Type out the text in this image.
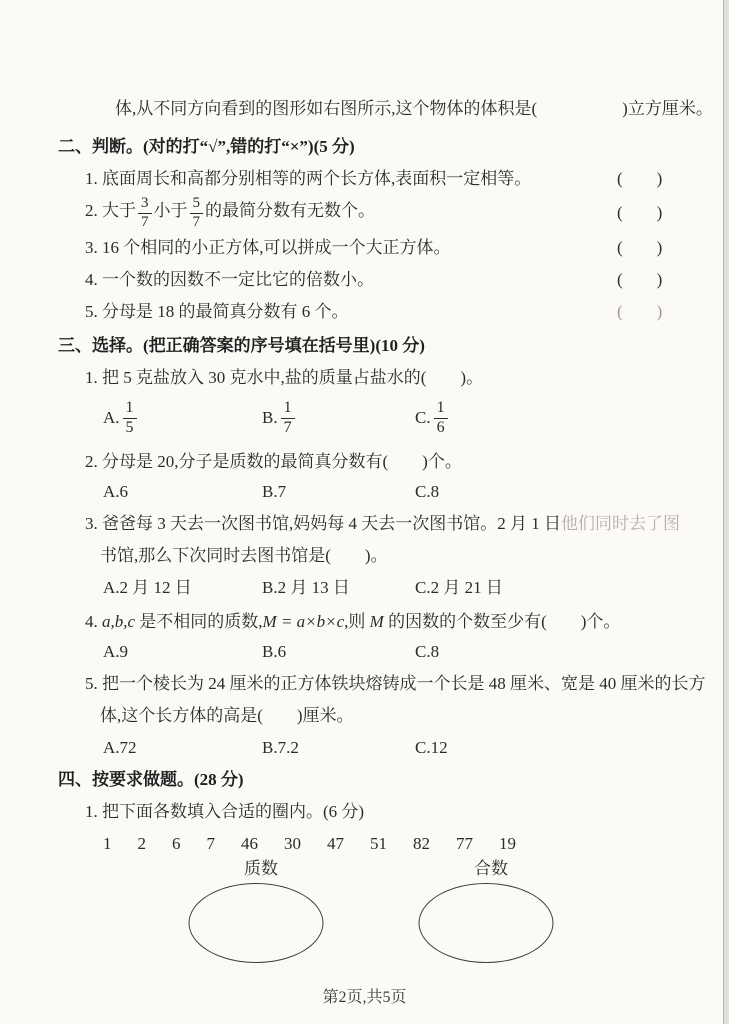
体,从不同方向看到的图形如右图所示,这个物体的体积是(　　　　　)立方厘米。
二、判断。(对的打“√”,错的打“×”)(5 分)
1. 底面周长和高都分别相等的两个长方体,表面积一定相等。	(　　)
2. 大于 $\frac{3}{7}$ 小于 $\frac{5}{7}$ 的最简分数有无数个。	(　　)
3. 16 个相同的小正方体,可以拼成一个大正方体。	(　　)
4. 一个数的因数不一定比它的倍数小。	(　　)
5. 分母是 18 的最简真分数有 6 个。	(　　)
三、选择。(把正确答案的序号填在括号里)(10 分)
1. 把 5 克盐放入 30 克水中,盐的质量占盐水的(　　)。
A. $\frac{1}{5}$	B. $\frac{1}{7}$	C. $\frac{1}{6}$
2. 分母是 20,分子是质数的最简真分数有(　　)个。
A.6	B.7	C.8
3. 爸爸每 3 天去一次图书馆,妈妈每 4 天去一次图书馆。2 月 1 日他们同时去了图
书馆,那么下次同时去图书馆是(　　)。
A.2 月 12 日	B.2 月 13 日	C.2 月 21 日
4. a,b,c 是不相同的质数,M = a×b×c,则 M 的因数的个数至少有(　　)个。
A.9	B.6	C.8
5. 把一个棱长为 24 厘米的正方体铁块熔铸成一个长是 48 厘米、宽是 40 厘米的长方
体,这个长方体的高是(　　)厘米。
A.72	B.7.2	C.12
四、按要求做题。(28 分)
1. 把下面各数填入合适的圈内。(6 分)
1 2 6 7 46 30 47 51 82 77 19
质数	合数
第2页,共5页
